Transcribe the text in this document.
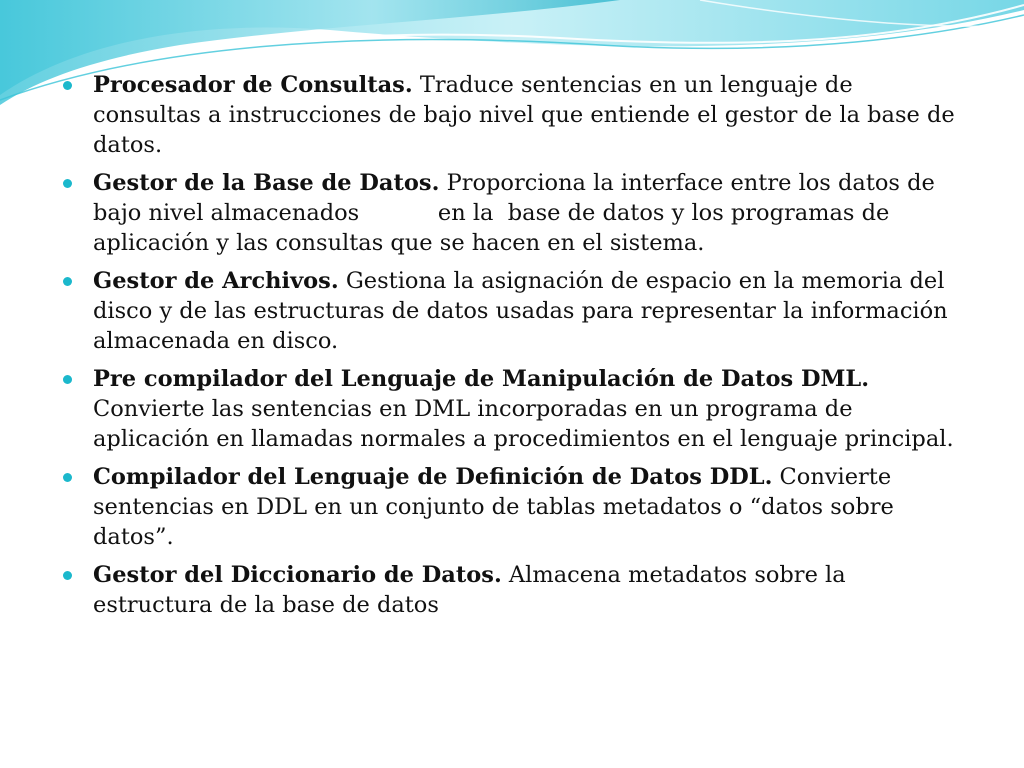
Procesador de Consultas. Traduce sentencias en un lenguaje de consultas a instrucciones de bajo nivel que entiende el gestor de la base de datos.
Gestor de la Base de Datos. Proporciona la interface entre los datos de bajo nivel almacenados           en la  base de datos y los programas de aplicación y las consultas que se hacen en el sistema.
Gestor de Archivos. Gestiona la asignación de espacio en la memoria del disco y de las estructuras de datos usadas para representar la información almacenada en disco.
Pre compilador del Lenguaje de Manipulación de Datos DML. Convierte las sentencias en DML incorporadas en un programa de aplicación en llamadas normales a procedimientos en el lenguaje principal.
Compilador del Lenguaje de Definición de Datos DDL. Convierte sentencias en DDL en un conjunto de tablas metadatos o “datos sobre datos”.
Gestor del Diccionario de Datos. Almacena metadatos sobre la estructura de la base de datos
